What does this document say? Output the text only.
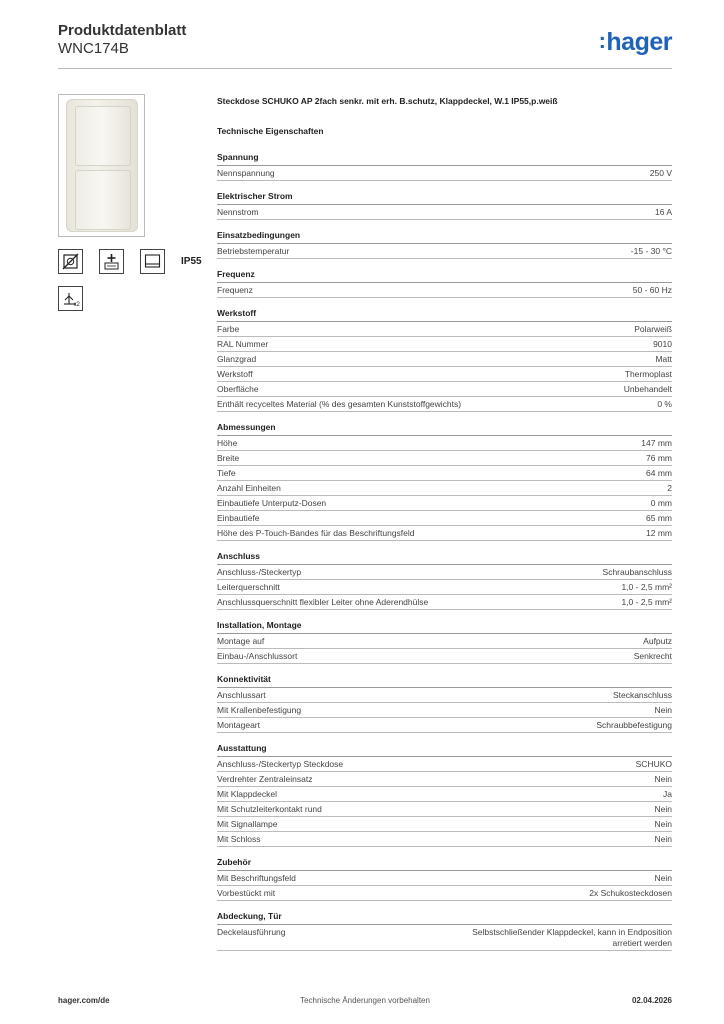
Produktdatenblatt
WNC174B	:hager
IP55
x2
Steckdose SCHUKO AP 2fach senkr. mit erh. B.schutz, Klappdeckel, W.1 IP55,p.weiß
Technische Eigenschaften
Spannung
Nennspannung	250 V
Elektrischer Strom
Nennstrom	16 A
Einsatzbedingungen
Betriebstemperatur	-15 - 30 °C
Frequenz
Frequenz	50 - 60 Hz
Werkstoff
Farbe	Polarweiß
RAL Nummer	9010
Glanzgrad	Matt
Werkstoff	Thermoplast
Oberfläche	Unbehandelt
Enthält recyceltes Material (% des gesamten Kunststoffgewichts)	0 %
Abmessungen
Höhe	147 mm
Breite	76 mm
Tiefe	64 mm
Anzahl Einheiten	2
Einbautiefe Unterputz-Dosen	0 mm
Einbautiefe	65 mm
Höhe des P-Touch-Bandes für das Beschriftungsfeld	12 mm
Anschluss
Anschluss-/Steckertyp	Schraubanschluss
Leiterquerschnitt	1,0 - 2,5 mm²
Anschlussquerschnitt flexibler Leiter ohne Aderendhülse	1,0 - 2,5 mm²
Installation, Montage
Montage auf	Aufputz
Einbau-/Anschlussort	Senkrecht
Konnektivität
Anschlussart	Steckanschluss
Mit Krallenbefestigung	Nein
Montageart	Schraubbefestigung
Ausstattung
Anschluss-/Steckertyp Steckdose	SCHUKO
Verdrehter Zentraleinsatz	Nein
Mit Klappdeckel	Ja
Mit Schutzleiterkontakt rund	Nein
Mit Signallampe	Nein
Mit Schloss	Nein
Zubehör
Mit Beschriftungsfeld	Nein
Vorbestückt mit	2x Schukosteckdosen
Abdeckung, Tür
Deckelausführung	Selbstschließender Klappdeckel, kann in Endposition arretiert werden
hager.com/de	Technische Änderungen vorbehalten	02.04.2026
